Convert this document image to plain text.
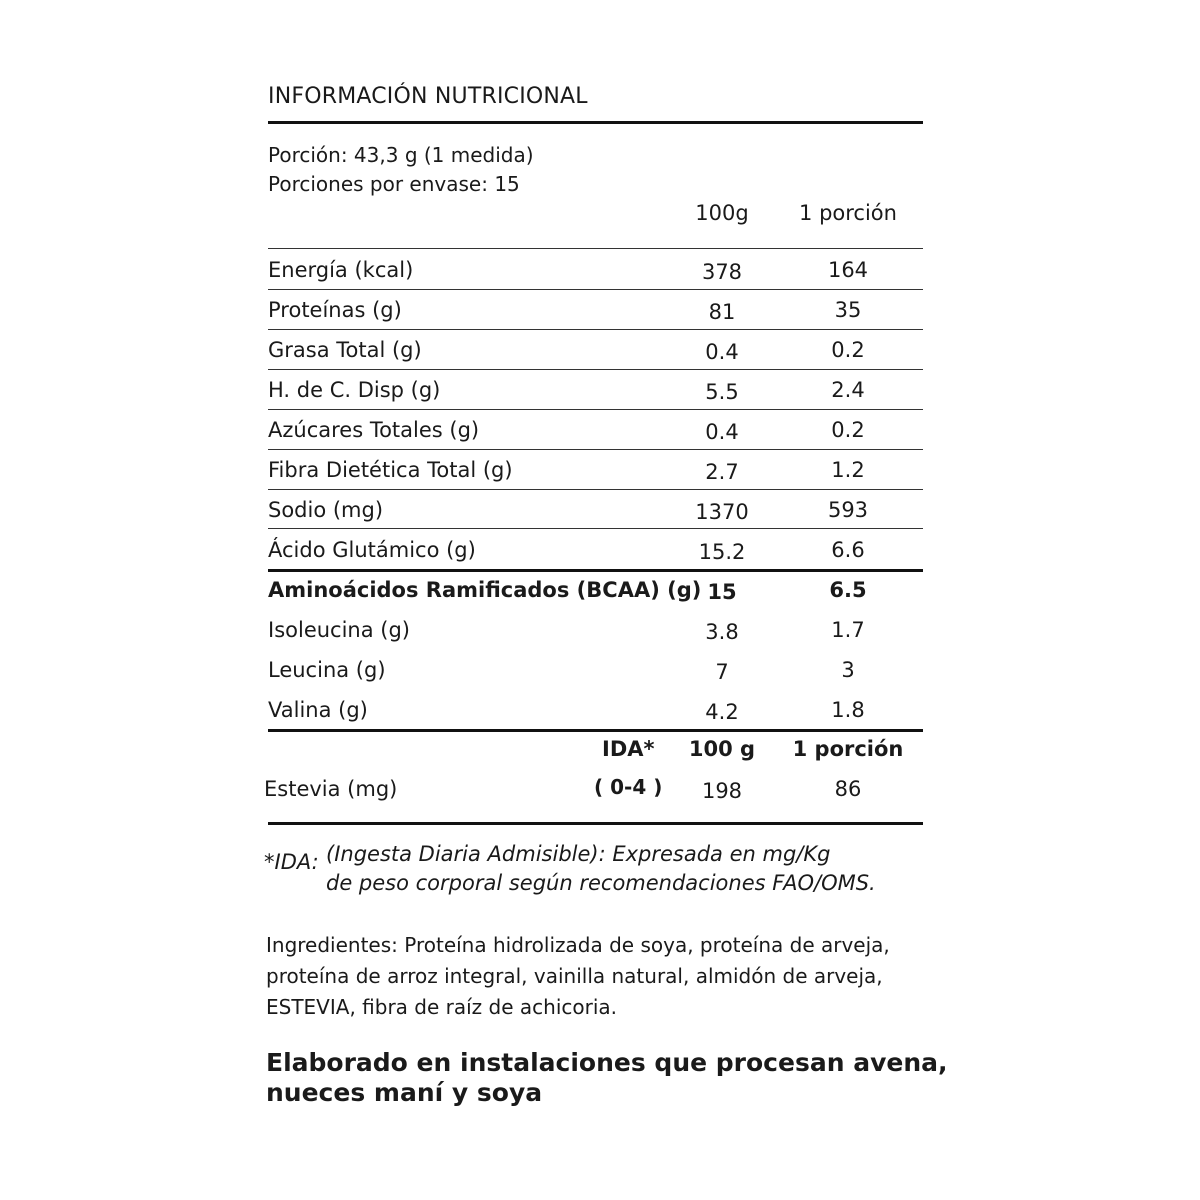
INFORMACIÓN NUTRICIONAL
Porción: 43,3 g (1 medida)
Porciones por envase: 15
100g	1 porción
Energía (kcal)	378	164
Proteínas (g)	81	35
Grasa Total (g)	0.4	0.2
H. de C. Disp (g)	5.5	2.4
Azúcares Totales (g)	0.4	0.2
Fibra Dietética Total (g)	2.7	1.2
Sodio (mg)	1370	593
Ácido Glutámico (g)	15.2	6.6
Aminoácidos Ramificados (BCAA) (g) 15	6.5
Isoleucina (g)	3.8	1.7
Leucina (g)	7	3
Valina (g)	4.2	1.8
IDA*	100 g	1 porción
Estevia (mg)	( 0-4 )	198	86
*IDA: (Ingesta Diaria Admisible): Expresada en mg/Kg
de peso corporal según recomendaciones FAO/OMS.
Ingredientes: Proteína hidrolizada de soya, proteína de arveja,
proteína de arroz integral, vainilla natural, almidón de arveja,
ESTEVIA, fibra de raíz de achicoria.
Elaborado en instalaciones que procesan avena,
nueces maní y soya
